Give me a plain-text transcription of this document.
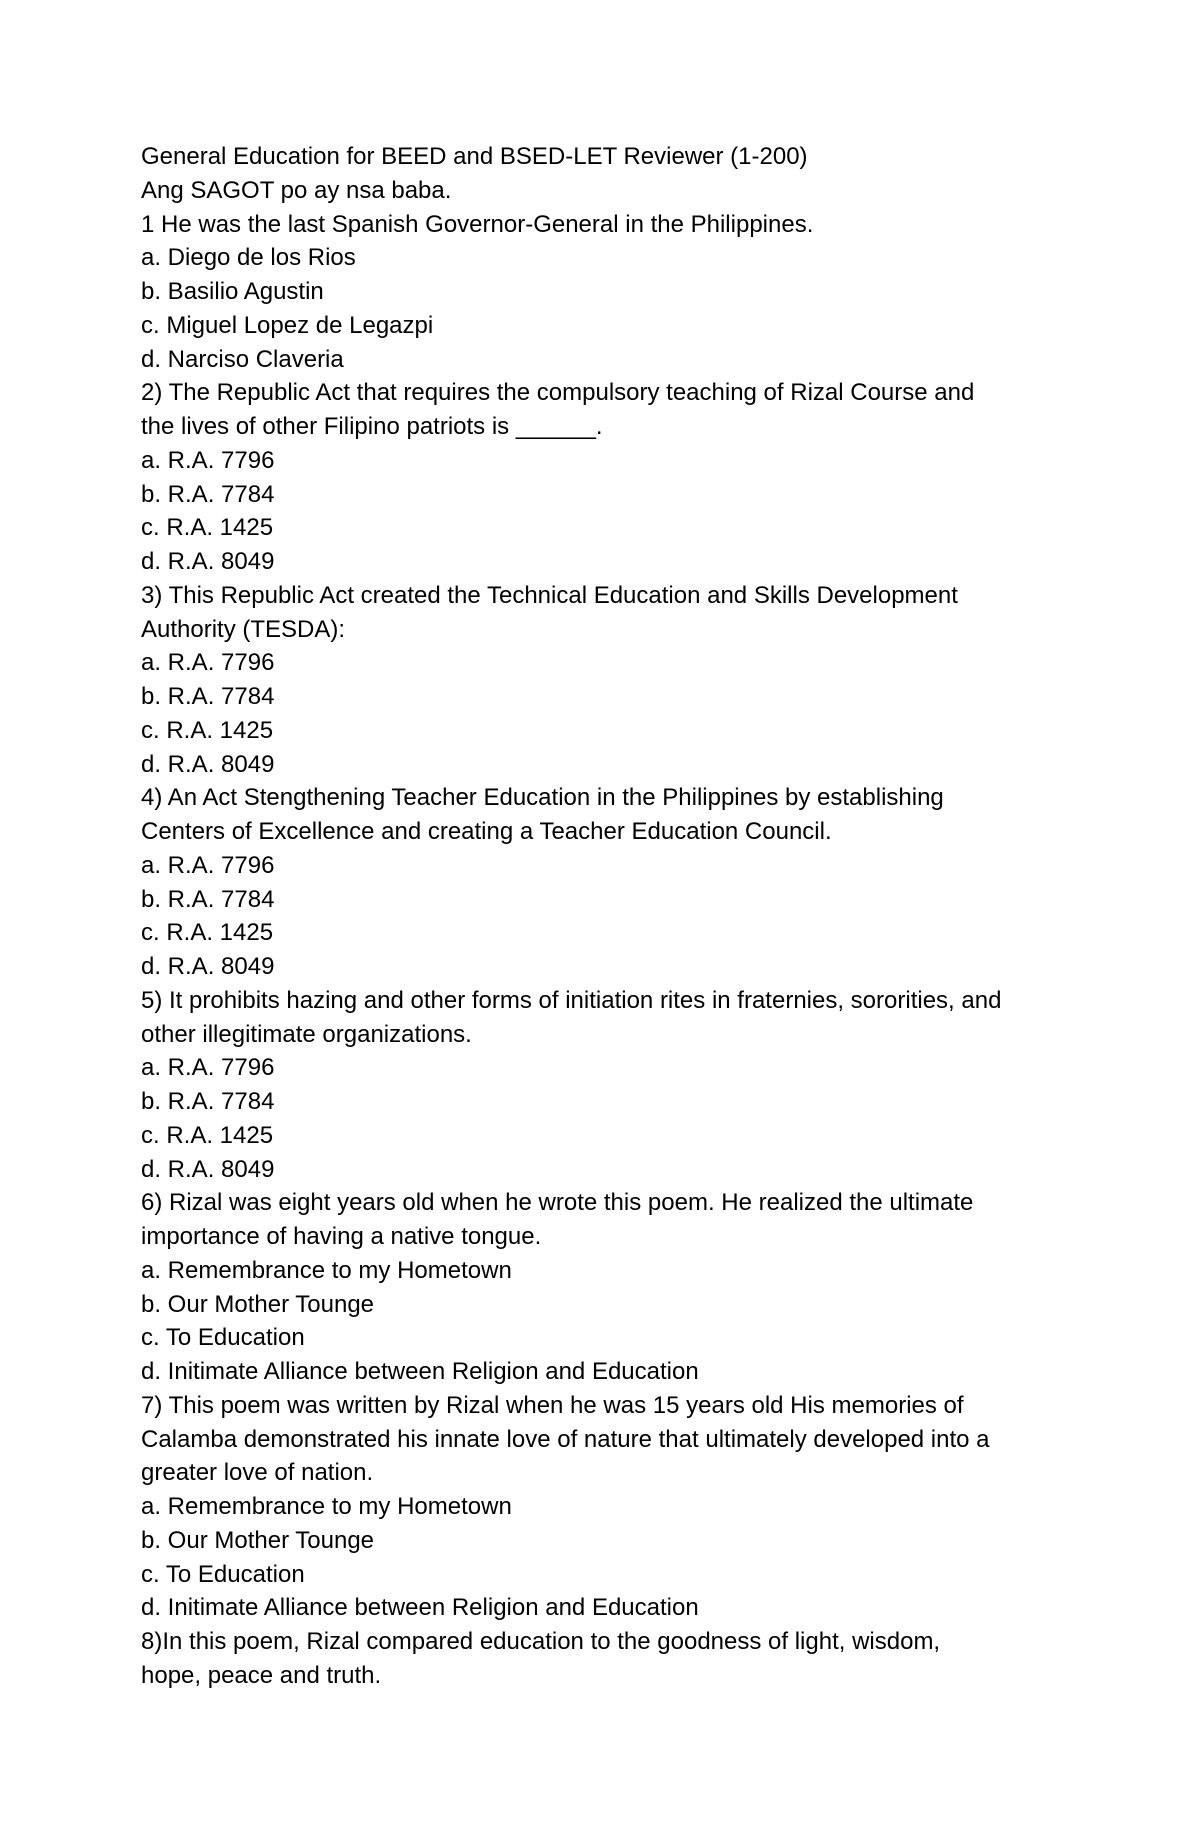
General Education for BEED and BSED-LET Reviewer (1-200)
Ang SAGOT po ay nsa baba.
1 He was the last Spanish Governor-General in the Philippines.
a. Diego de los Rios
b. Basilio Agustin
c. Miguel Lopez de Legazpi
d. Narciso Claveria
2) The Republic Act that requires the compulsory teaching of Rizal Course and
the lives of other Filipino patriots is ______.
a. R.A. 7796
b. R.A. 7784
c. R.A. 1425
d. R.A. 8049
3) This Republic Act created the Technical Education and Skills Development
Authority (TESDA):
a. R.A. 7796
b. R.A. 7784
c. R.A. 1425
d. R.A. 8049
4) An Act Stengthening Teacher Education in the Philippines by establishing
Centers of Excellence and creating a Teacher Education Council.
a. R.A. 7796
b. R.A. 7784
c. R.A. 1425
d. R.A. 8049
5) It prohibits hazing and other forms of initiation rites in fraternies, sororities, and
other illegitimate organizations.
a. R.A. 7796
b. R.A. 7784
c. R.A. 1425
d. R.A. 8049
6) Rizal was eight years old when he wrote this poem. He realized the ultimate
importance of having a native tongue.
a. Remembrance to my Hometown
b. Our Mother Tounge
c. To Education
d. Initimate Alliance between Religion and Education
7) This poem was written by Rizal when he was 15 years old His memories of
Calamba demonstrated his innate love of nature that ultimately developed into a
greater love of nation.
a. Remembrance to my Hometown
b. Our Mother Tounge
c. To Education
d. Initimate Alliance between Religion and Education
8)In this poem, Rizal compared education to the goodness of light, wisdom,
hope, peace and truth.
